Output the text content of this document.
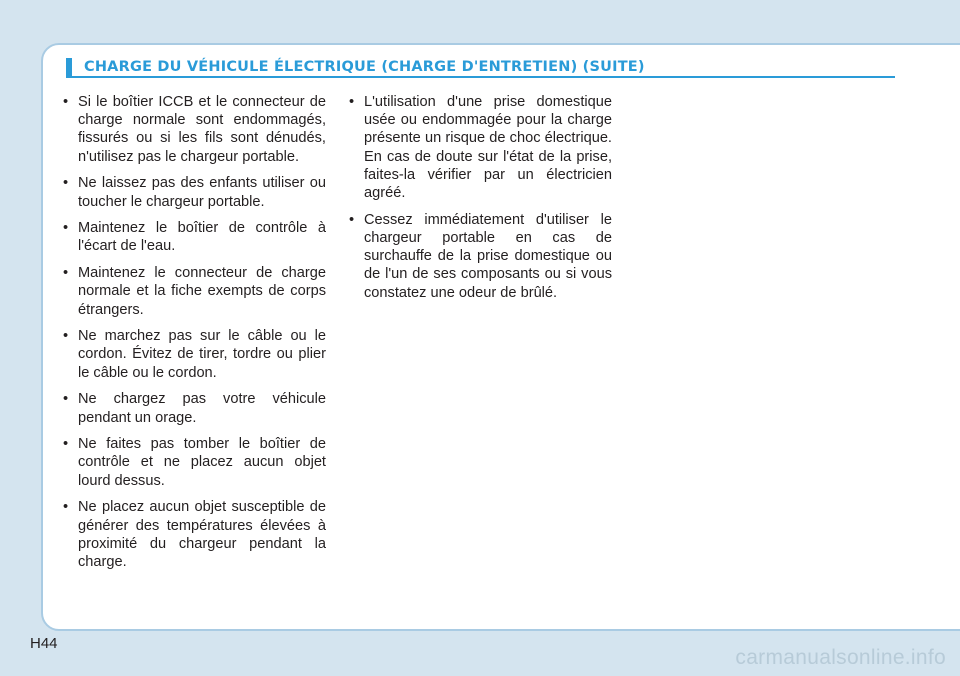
CHARGE DU VÉHICULE ÉLECTRIQUE (CHARGE D'ENTRETIEN) (SUITE)
• Si le boîtier ICCB et le connecteur de charge normale sont endommagés, fissurés ou si les fils sont dénudés, n'utilisez pas le chargeur portable.
• Ne laissez pas des enfants utiliser ou toucher le chargeur portable.
• Maintenez le boîtier de contrôle à l'écart de l'eau.
• Maintenez le connecteur de charge normale et la fiche exempts de corps étrangers.
• Ne marchez pas sur le câble ou le cordon. Évitez de tirer, tordre ou plier le câble ou le cordon.
• Ne chargez pas votre véhicule pendant un orage.
• Ne faites pas tomber le boîtier de contrôle et ne placez aucun objet lourd dessus.
• Ne placez aucun objet susceptible de générer des températures élevées à proximité du chargeur pendant la charge.
• L'utilisation d'une prise domestique usée ou endommagée pour la charge présente un risque de choc électrique. En cas de doute sur l'état de la prise, faites-la vérifier par un électricien agréé.
• Cessez immédiatement d'utiliser le chargeur portable en cas de surchauffe de la prise domestique ou de l'un de ses composants ou si vous constatez une odeur de brûlé.
H44
carmanualsonline.info
